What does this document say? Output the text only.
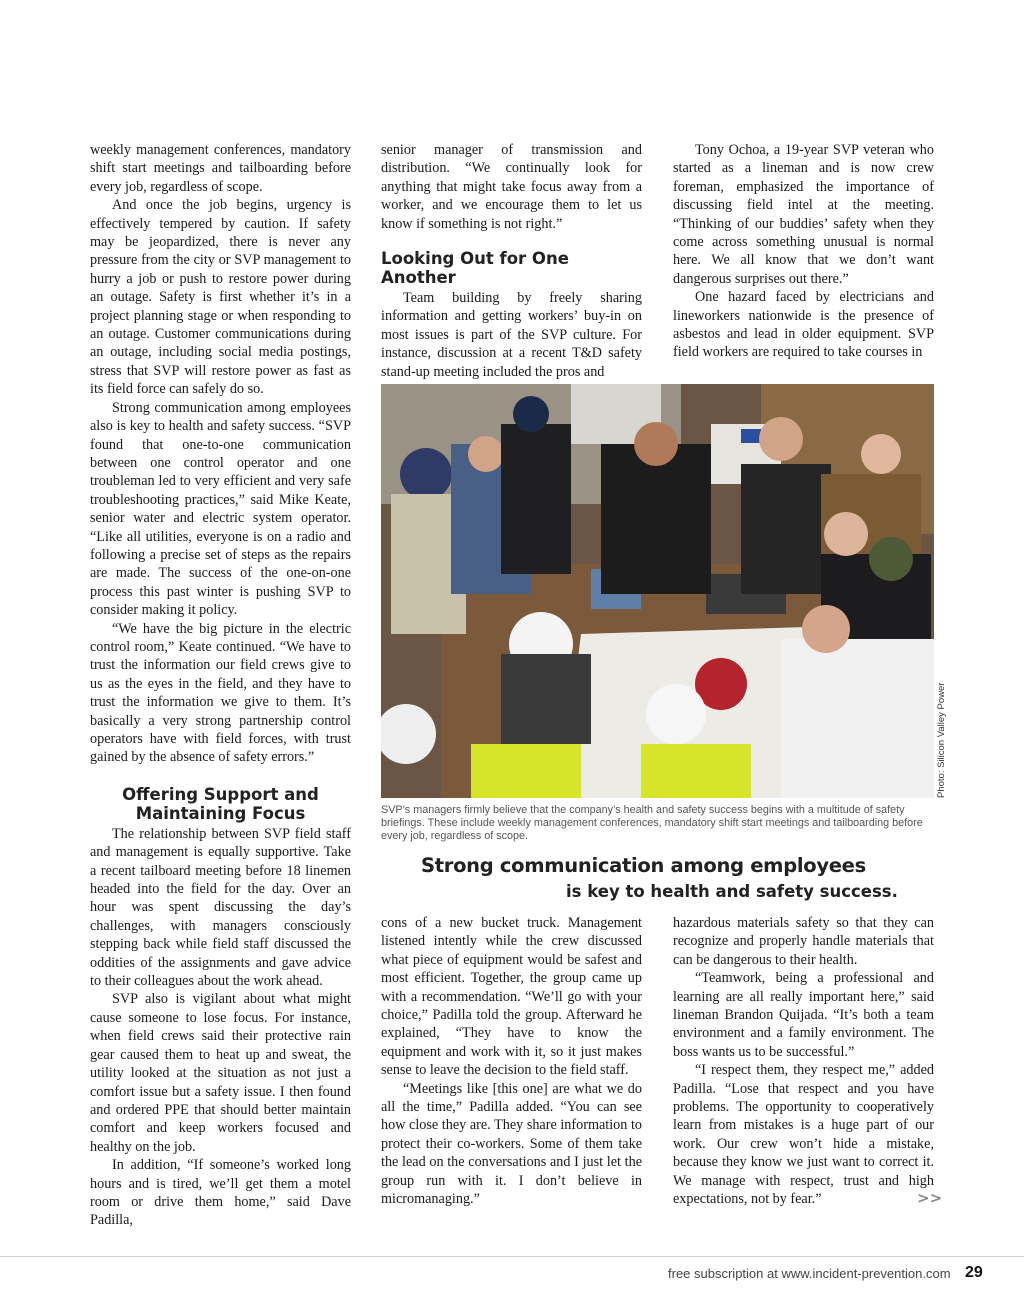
weekly management conferences, mandatory shift start meetings and tailboarding before every job, regardless of scope.

And once the job begins, urgency is effectively tempered by caution. If safety may be jeopardized, there is never any pressure from the city or SVP management to hurry a job or push to restore power during an outage. Safety is first whether it’s in a project planning stage or when responding to an outage. Customer communications during an outage, including social media postings, stress that SVP will restore power as fast as its field force can safely do so.

Strong communication among employees also is key to health and safety success. “SVP found that one-to-one communication between one control operator and one troubleman led to very efficient and very safe troubleshooting practices,” said Mike Keate, senior water and electric system operator. “Like all utilities, everyone is on a radio and following a precise set of steps as the repairs are made. The success of the one-on-one process this past winter is pushing SVP to consider making it policy.

“We have the big picture in the electric control room,” Keate continued. “We have to trust the information our field crews give to us as the eyes in the field, and they have to trust the information we give to them. It’s basically a very strong partnership control operators have with field forces, with trust gained by the absence of safety errors.”

Offering Support and
Maintaining Focus

The relationship between SVP field staff and management is equally supportive. Take a recent tailboard meeting before 18 linemen headed into the field for the day. Over an hour was spent discussing the day’s challenges, with managers consciously stepping back while field staff discussed the oddities of the assignments and gave advice to their colleagues about the work ahead.

SVP also is vigilant about what might cause someone to lose focus. For instance, when field crews said their protective rain gear caused them to heat up and sweat, the utility looked at the situation as not just a comfort issue but a safety issue. I then found and ordered PPE that should better maintain comfort and keep workers focused and healthy on the job.

In addition, “If someone’s worked long hours and is tired, we’ll get them a motel room or drive them home,” said Dave Padilla,

senior manager of transmission and distribution. “We continually look for anything that might take focus away from a worker, and we encourage them to let us know if something is not right.”

Looking Out for One Another

Team building by freely sharing information and getting workers’ buy-in on most issues is part of the SVP culture. For instance, discussion at a recent T&D safety stand-up meeting included the pros and

Tony Ochoa, a 19-year SVP veteran who started as a lineman and is now crew foreman, emphasized the importance of discussing field intel at the meeting. “Thinking of our buddies’ safety when they come across something unusual is normal here. We all know that we don’t want dangerous surprises out there.”

One hazard faced by electricians and lineworkers nationwide is the presence of asbestos and lead in older equipment. SVP field workers are required to take courses in

Photo: Silicon Valley Power

SVP’s managers firmly believe that the company’s health and safety success begins with a multitude of safety briefings. These include weekly management conferences, mandatory shift start meetings and tailboarding before every job, regardless of scope.

Strong communication among employees
is key to health and safety success.

cons of a new bucket truck. Management listened intently while the crew discussed what piece of equipment would be safest and most efficient. Together, the group came up with a recommendation. “We’ll go with your choice,” Padilla told the group. Afterward he explained, “They have to know the equipment and work with it, so it just makes sense to leave the decision to the field staff.

“Meetings like [this one] are what we do all the time,” Padilla added. “You can see how close they are. They share information to protect their co-workers. Some of them take the lead on the conversations and I just let the group run with it. I don’t believe in micromanaging.”

hazardous materials safety so that they can recognize and properly handle materials that can be dangerous to their health.

“Teamwork, being a professional and learning are all really important here,” said lineman Brandon Quijada. “It’s both a team environment and a family environment. The boss wants us to be successful.”

“I respect them, they respect me,” added Padilla. “Lose that respect and you have problems. The opportunity to cooperatively learn from mistakes is a huge part of our work. Our crew won’t hide a mistake, because they know we just want to correct it. We manage with respect, trust and high expectations, not by fear.”	>>
free subscription at www.incident-prevention.com 29
